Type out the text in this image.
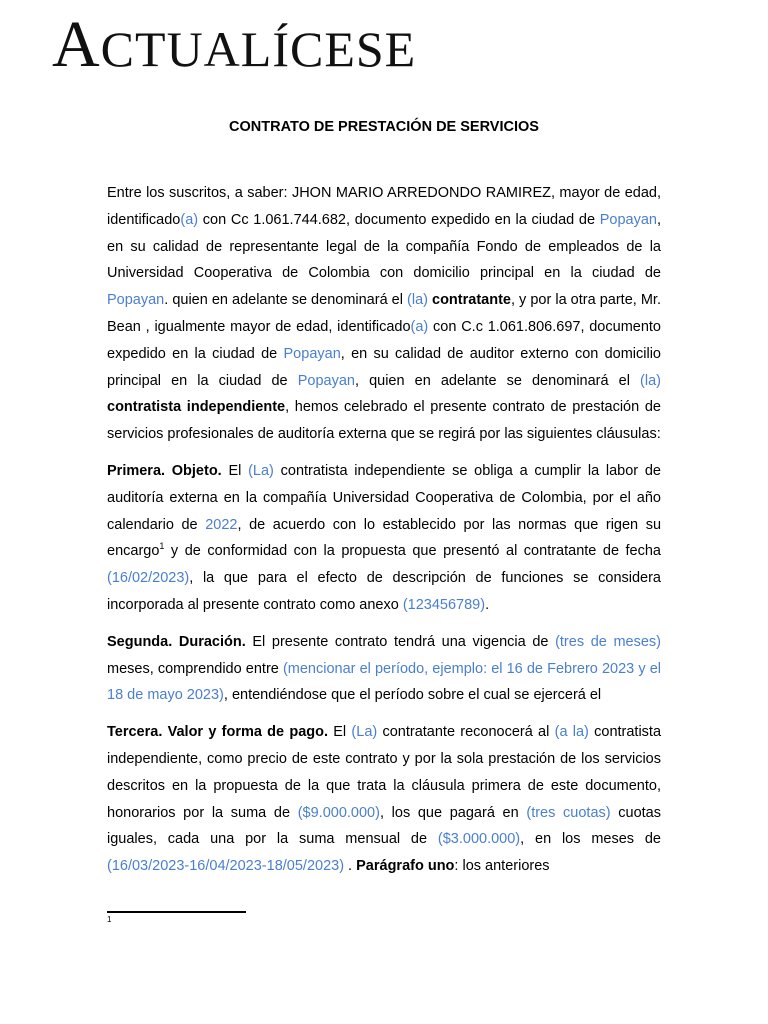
ACTUALÍCESE
CONTRATO DE PRESTACIÓN DE SERVICIOS

Entre los suscritos, a saber: JHON MARIO ARREDONDO RAMIREZ, mayor de edad, identificado(a) con Cc 1.061.744.682, documento expedido en la ciudad de Popayan, en su calidad de representante legal de la compañía Fondo de empleados de la Universidad Cooperativa de Colombia con domicilio principal en la ciudad de Popayan. quien en adelante se denominará el (la) contratante, y por la otra parte, Mr. Bean , igualmente mayor de edad, identificado(a) con C.c 1.061.806.697, documento expedido en la ciudad de Popayan, en su calidad de auditor externo con domicilio principal en la ciudad de Popayan, quien en adelante se denominará el (la) contratista independiente, hemos celebrado el presente contrato de prestación de servicios profesionales de auditoría externa que se regirá por las siguientes cláusulas:

Primera. Objeto. El (La) contratista independiente se obliga a cumplir la labor de auditoría externa en la compañía Universidad Cooperativa de Colombia, por el año calendario de 2022, de acuerdo con lo establecido por las normas que rigen su encargo$^1$ y de conformidad con la propuesta que presentó al contratante de fecha (16/02/2023), la que para el efecto de descripción de funciones se considera incorporada al presente contrato como anexo (123456789).

Segunda. Duración. El presente contrato tendrá una vigencia de (tres de meses) meses, comprendido entre (mencionar el período, ejemplo: el 16 de Febrero 2023 y el 18 de mayo 2023), entendiéndose que el período sobre el cual se ejercerá el

Tercera. Valor y forma de pago. El (La) contratante reconocerá al (a la) contratista independiente, como precio de este contrato y por la sola prestación de los servicios descritos en la propuesta de la que trata la cláusula primera de este documento, honorarios por la suma de ($9.000.000), los que pagará en (tres cuotas) cuotas iguales, cada una por la suma mensual de ($3.000.000), en los meses de (16/03/2023-16/04/2023-18/05/2023) . Parágrafo uno: los anteriores

1
